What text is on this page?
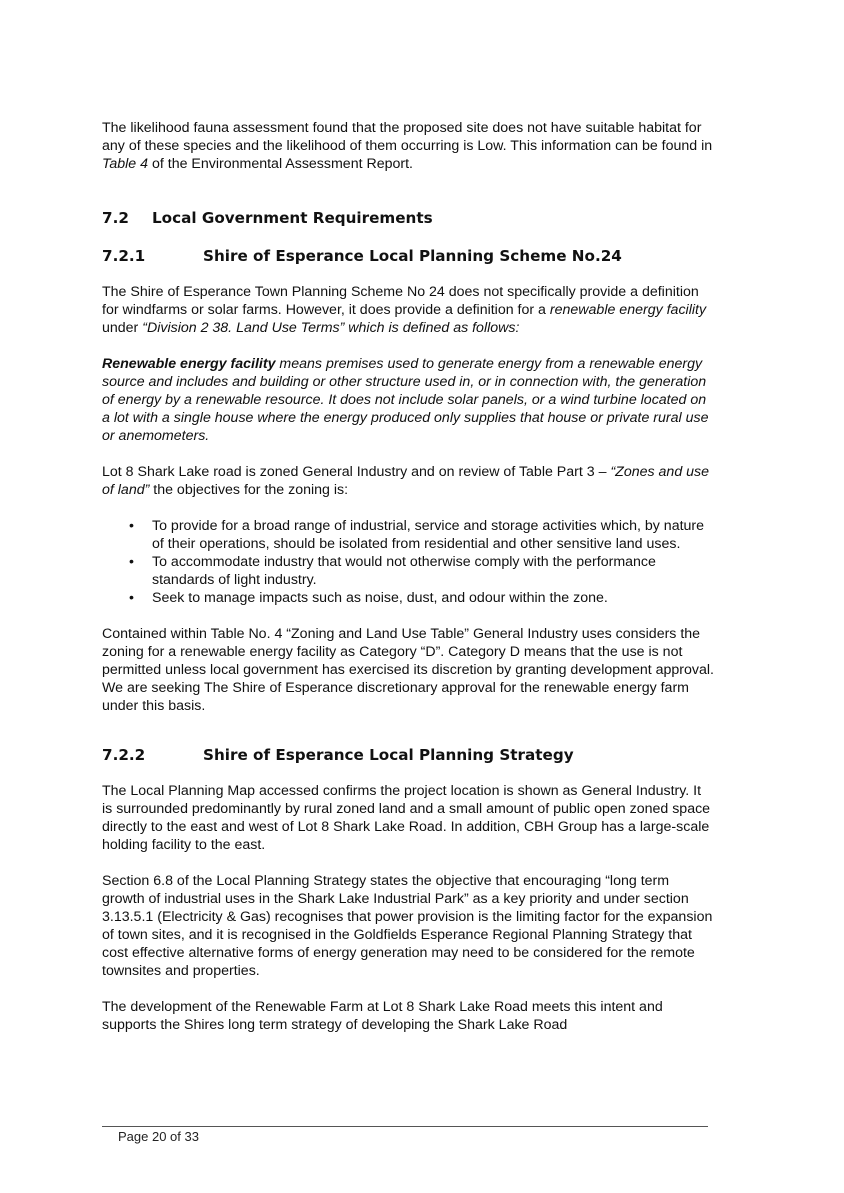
The likelihood fauna assessment found that the proposed site does not have suitable habitat for any of these species and the likelihood of them occurring is Low. This information can be found in Table 4 of the Environmental Assessment Report.

7.2 Local Government Requirements
7.2.1	Shire of Esperance Local Planning Scheme No.24

The Shire of Esperance Town Planning Scheme No 24 does not specifically provide a definition for windfarms or solar farms. However, it does provide a definition for a renewable energy facility under “Division 2 38. Land Use Terms” which is defined as follows:

Renewable energy facility means premises used to generate energy from a renewable energy source and includes and building or other structure used in, or in connection with, the generation of energy by a renewable resource. It does not include solar panels, or a wind turbine located on a lot with a single house where the energy produced only supplies that house or private rural use or anemometers.

Lot 8 Shark Lake road is zoned General Industry and on review of Table Part 3 – “Zones and use of land” the objectives for the zoning is:

• To provide for a broad range of industrial, service and storage activities which, by nature of their operations, should be isolated from residential and other sensitive land uses.
• To accommodate industry that would not otherwise comply with the performance standards of light industry.
• Seek to manage impacts such as noise, dust, and odour within the zone.

Contained within Table No. 4 “Zoning and Land Use Table” General Industry uses considers the zoning for a renewable energy facility as Category “D”. Category D means that the use is not permitted unless local government has exercised its discretion by granting development approval. We are seeking The Shire of Esperance discretionary approval for the renewable energy farm under this basis.

7.2.2	Shire of Esperance Local Planning Strategy

The Local Planning Map accessed confirms the project location is shown as General Industry. It is surrounded predominantly by rural zoned land and a small amount of public open zoned space directly to the east and west of Lot 8 Shark Lake Road. In addition, CBH Group has a large-scale holding facility to the east.

Section 6.8 of the Local Planning Strategy states the objective that encouraging “long term growth of industrial uses in the Shark Lake Industrial Park” as a key priority and under section 3.13.5.1 (Electricity & Gas) recognises that power provision is the limiting factor for the expansion of town sites, and it is recognised in the Goldfields Esperance Regional Planning Strategy that cost effective alternative forms of energy generation may need to be considered for the remote townsites and properties.

The development of the Renewable Farm at Lot 8 Shark Lake Road meets this intent and supports the Shires long term strategy of developing the Shark Lake Road

Page 20 of 33
